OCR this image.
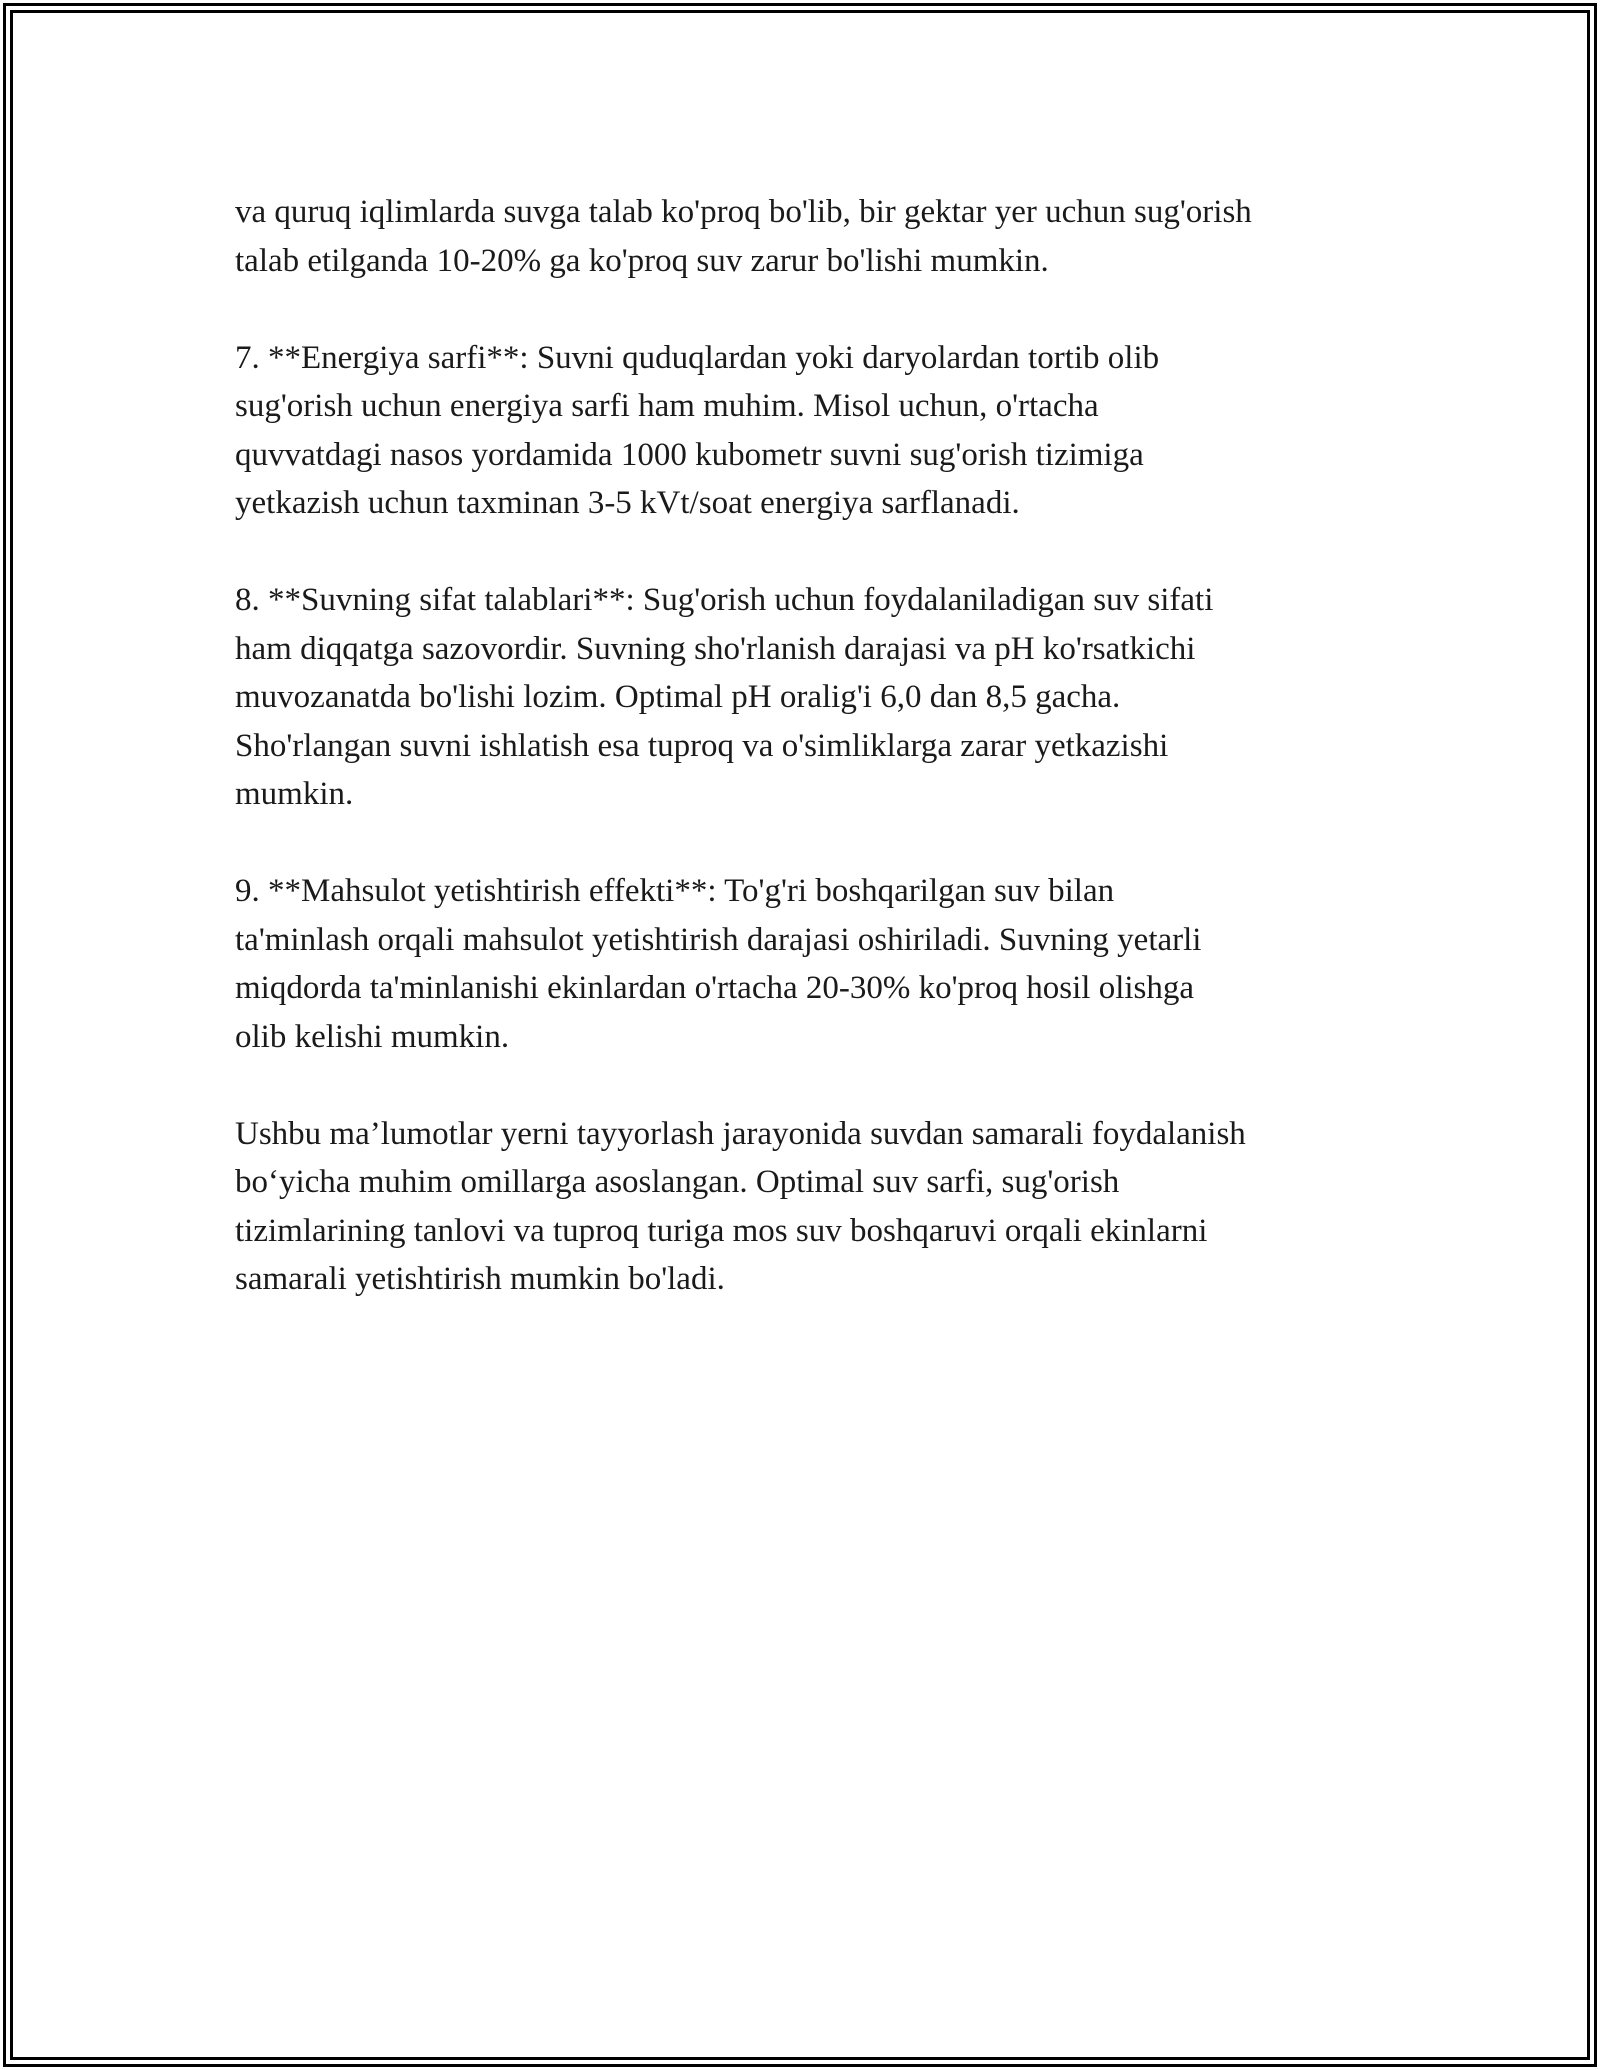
va quruq iqlimlarda suvga talab ko'proq bo'lib, bir gektar yer uchun sug'orish
talab etilganda 10-20% ga ko'proq suv zarur bo'lishi mumkin.

7. **Energiya sarfi**: Suvni quduqlardan yoki daryolardan tortib olib
sug'orish uchun energiya sarfi ham muhim. Misol uchun, o'rtacha
quvvatdagi nasos yordamida 1000 kubometr suvni sug'orish tizimiga
yetkazish uchun taxminan 3-5 kVt/soat energiya sarflanadi.

8. **Suvning sifat talablari**: Sug'orish uchun foydalaniladigan suv sifati
ham diqqatga sazovordir. Suvning sho'rlanish darajasi va pH ko'rsatkichi
muvozanatda bo'lishi lozim. Optimal pH oralig'i 6,0 dan 8,5 gacha.
Sho'rlangan suvni ishlatish esa tuproq va o'simliklarga zarar yetkazishi
mumkin.

9. **Mahsulot yetishtirish effekti**: To'g'ri boshqarilgan suv bilan
ta'minlash orqali mahsulot yetishtirish darajasi oshiriladi. Suvning yetarli
miqdorda ta'minlanishi ekinlardan o'rtacha 20-30% ko'proq hosil olishga
olib kelishi mumkin.

Ushbu ma’lumotlar yerni tayyorlash jarayonida suvdan samarali foydalanish
bo‘yicha muhim omillarga asoslangan. Optimal suv sarfi, sug'orish
tizimlarining tanlovi va tuproq turiga mos suv boshqaruvi orqali ekinlarni
samarali yetishtirish mumkin bo'ladi.
